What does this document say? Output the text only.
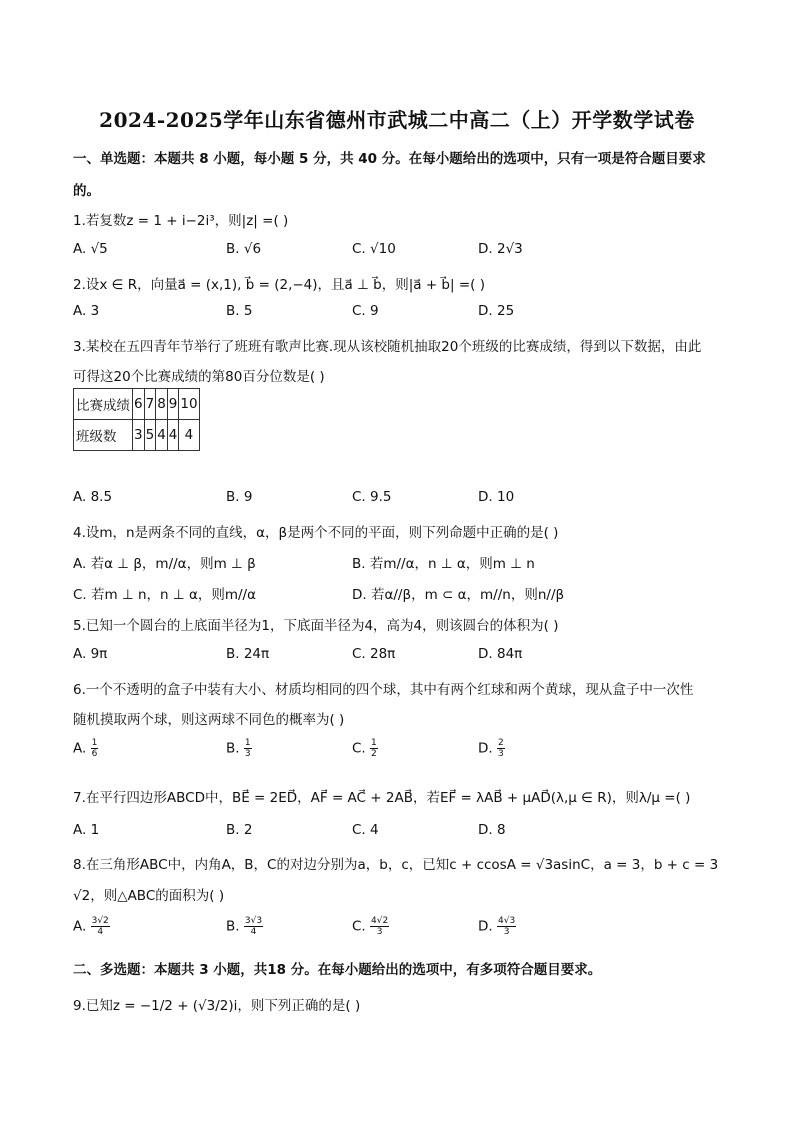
2024-2025学年山东省德州市武城二中高二（上）开学数学试卷
一、单选题：本题共 8 小题，每小题 5 分，共 40 分。在每小题给出的选项中，只有一项是符合题目要求
的。
1.若复数z = 1 + i−2i³，则|z| =( )
A. √5	B. √6	C. √10	D. 2√3
2.设x ∈ R，向量a⃗ = (x,1), b⃗ = (2,−4)，且a⃗ ⊥ b⃗，则|a⃗ + b⃗| =( )
A. 3	B. 5	C. 9	D. 25
3.某校在五四青年节举行了班班有歌声比赛.现从该校随机抽取20个班级的比赛成绩，得到以下数据，由此
可得这20个比赛成绩的第80百分位数是( )
比赛成绩	6	7	8	9	10
班级数	3	5	4	4	4
A. 8.5	B. 9	C. 9.5	D. 10
4.设m，n是两条不同的直线，α，β是两个不同的平面，则下列命题中正确的是( )
A. 若α ⊥ β，m//α，则m ⊥ β	B. 若m//α，n ⊥ α，则m ⊥ n
C. 若m ⊥ n，n ⊥ α，则m//α	D. 若α//β，m ⊂ α，m//n，则n//β
5.已知一个圆台的上底面半径为1，下底面半径为4，高为4，则该圆台的体积为( )
A. 9π	B. 24π	C. 28π	D. 84π
6.一个不透明的盒子中装有大小、材质均相同的四个球，其中有两个红球和两个黄球，现从盒子中一次性
随机摸取两个球，则这两球不同色的概率为( )
A. $\frac{1}{6}$	B. $\frac{1}{3}$	C. $\frac{1}{2}$	D. $\frac{2}{3}$
7.在平行四边形ABCD中，BE⃗ = 2ED⃗，AF⃗ = AC⃗ + 2AB⃗，若EF⃗ = λAB⃗ + μAD⃗(λ,μ ∈ R)，则λ/μ =( )
A. 1	B. 2	C. 4	D. 8
8.在三角形ABC中，内角A，B，C的对边分别为a，b，c，已知c + ccosA = √3asinC，a = 3，b + c = 3
√2，则△ABC的面积为( )
A. $\frac{3√2}{4}$	B. $\frac{3√3}{4}$	C. $\frac{4√2}{3}$	D. $\frac{4√3}{3}$
二、多选题：本题共 3 小题，共18 分。在每小题给出的选项中，有多项符合题目要求。
9.已知z = −1/2 + (√3/2)i，则下列正确的是( )
